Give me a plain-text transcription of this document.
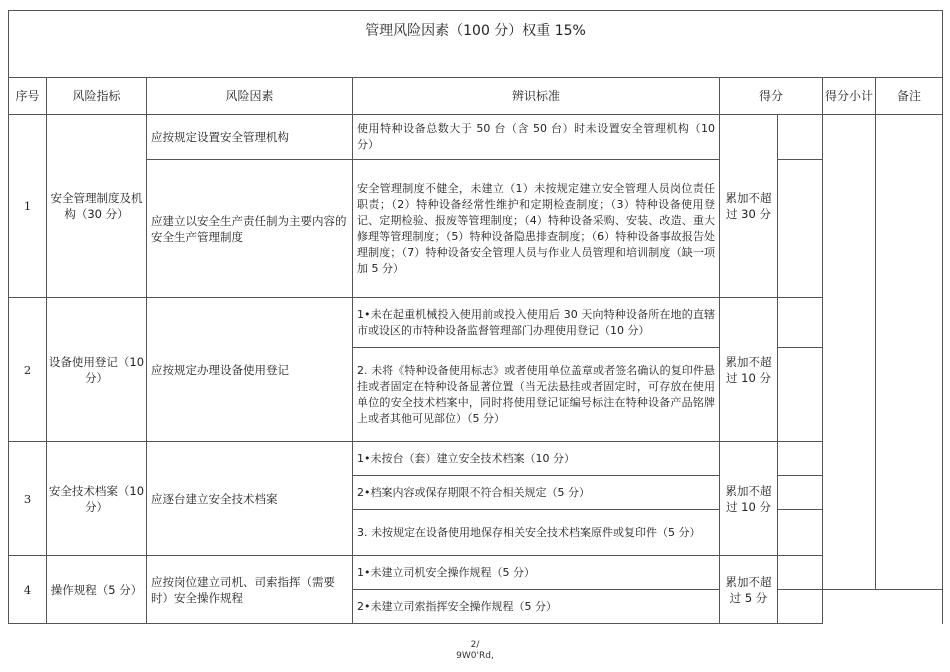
管理风险因素（100 分）权重 15%								
序号	风险指标	风险因素	辨识标准	得分		得分小计	备注	
1	安全管理制度及机构（30 分）	应按规定设置安全管理机构	使用特种设备总数大于 50 台（含 50 台）时未设置安全管理机构（10 分）	累加不超过 30 分				
		应建立以安全生产责任制为主要内容的安全生产管理制度	安全管理制度不健全，未建立（1）未按规定建立安全管理人员岗位责任职责；（2）特种设备经常性维护和定期检查制度；（3）特种设备使用登记、定期检验、报废等管理制度；（4）特种设备采购、安装、改造、重大修理等管理制度；（5）特种设备隐患排查制度；（6）特种设备事故报告处理制度；（7）特种设备安全管理人员与作业人员管理和培训制度（缺一项加 5 分）					
2	设备使用登记（10 分）	应按规定办理设备使用登记	1•未在起重机械投入使用前或投入使用后 30 天向特种设备所在地的直辖市或设区的市特种设备监督管理部门办理使用登记（10 分）	累加不超过 10 分				
			2. 未将《特种设备使用标志》或者使用单位盖章或者签名确认的复印件悬挂或者固定在特种设备显著位置（当无法悬挂或者固定时，可存放在使用单位的安全技术档案中，同时将使用登记证编号标注在特种设备产品铭牌上或者其他可见部位）（5 分）					
3	安全技术档案（10 分）	应逐台建立安全技术档案	1•未按台（套）建立安全技术档案（10 分）	累加不超过 10 分				
			2•档案内容或保存期限不符合相关规定（5 分）					
			3. 未按规定在设备使用地保存相关安全技术档案原件或复印件（5 分）					
4	操作规程（5 分）	应按岗位建立司机、司索指挥（需要时）安全操作规程	1•未建立司机安全操作规程（5 分）	累加不超过 5 分				
			2•未建立司索指挥安全操作规程（5 分）					
2/
9W0'Rd,
